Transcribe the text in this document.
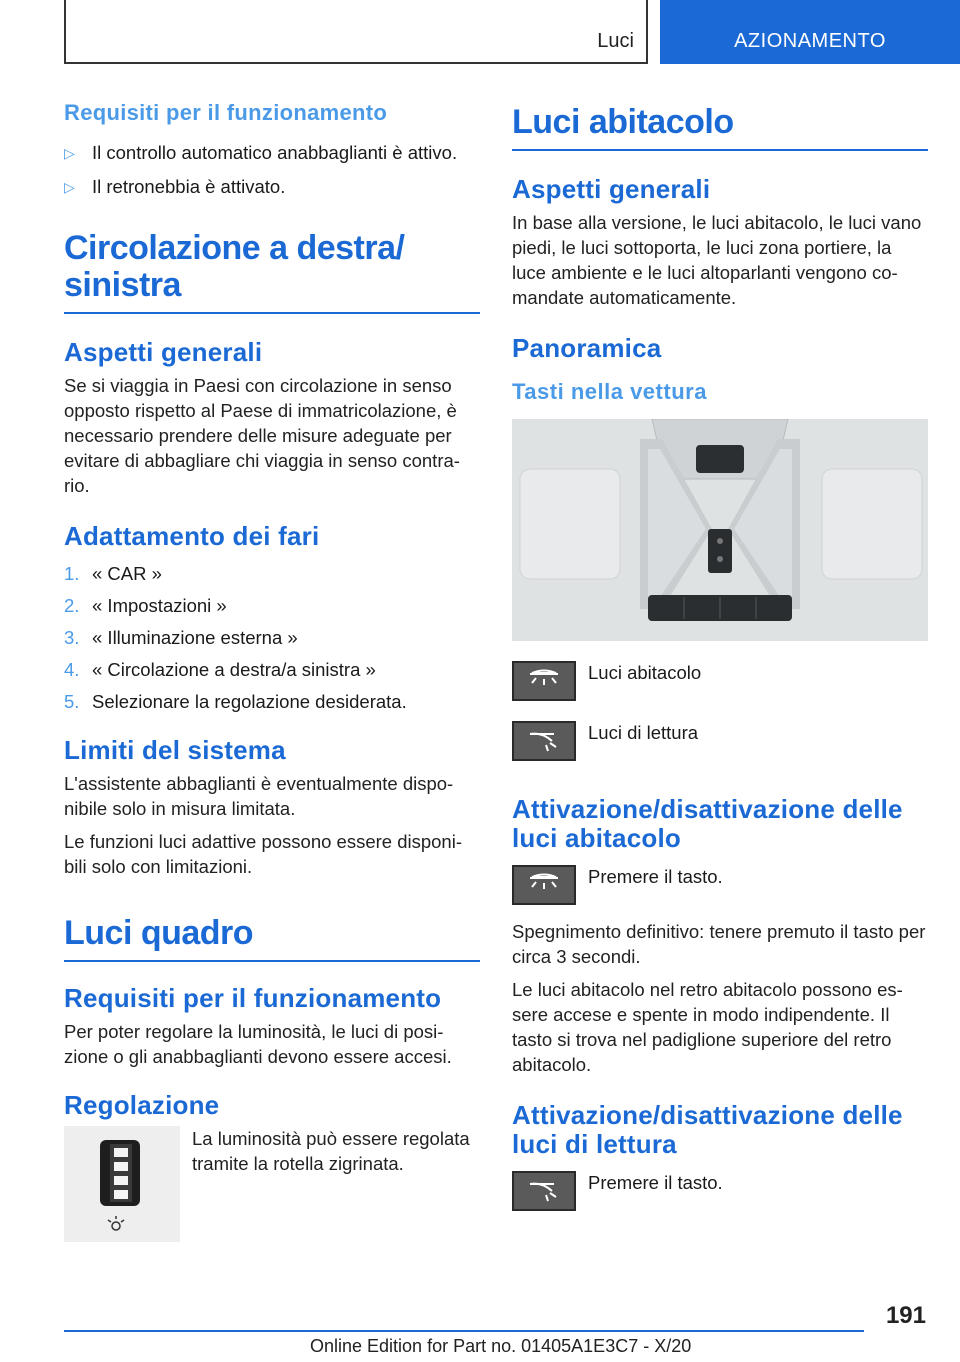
Luci	AZIONAMENTO
Requisiti per il funzionamento
▷ Il controllo automatico anabbaglianti è attivo.
▷ Il retronebbia è attivato.
Circolazione a destra/ sinistra
Aspetti generali

Se si viaggia in Paesi con circolazione in senso opposto rispetto al Paese di immatricolazione, è necessario prendere delle misure adeguate per evitare di abbagliare chi viaggia in senso contra- rio.

Adattamento dei fari
1. « CAR »
2. « Impostazioni »
3. « Illuminazione esterna »
4. « Circolazione a destra/a sinistra »
5. Selezionare la regolazione desiderata.
Limiti del sistema

L'assistente abbaglianti è eventualmente dispo- nibile solo in misura limitata.

Le funzioni luci adattive possono essere disponi- bili solo con limitazioni.

Luci quadro
Requisiti per il funzionamento

Per poter regolare la luminosità, le luci di posi- zione o gli anabbaglianti devono essere accesi.

Regolazione

La luminosità può essere regolata tramite la rotella zigrinata.

Luci abitacolo
Aspetti generali

In base alla versione, le luci abitacolo, le luci vano piedi, le luci sottoporta, le luci zona portiere, la luce ambiente e le luci altoparlanti vengono co- mandate automaticamente.

Panoramica
Tasti nella vettura
Luci abitacolo
Luci di lettura
Attivazione/disattivazione delle luci abitacolo
Premere il tasto.

Spegnimento definitivo: tenere premuto il tasto per circa 3 secondi.

Le luci abitacolo nel retro abitacolo possono es- sere accese e spente in modo indipendente. Il tasto si trova nel padiglione superiore del retro abitacolo.

Attivazione/disattivazione delle luci di lettura
Premere il tasto.
191
Online Edition for Part no. 01405A1E3C7 - X/20
